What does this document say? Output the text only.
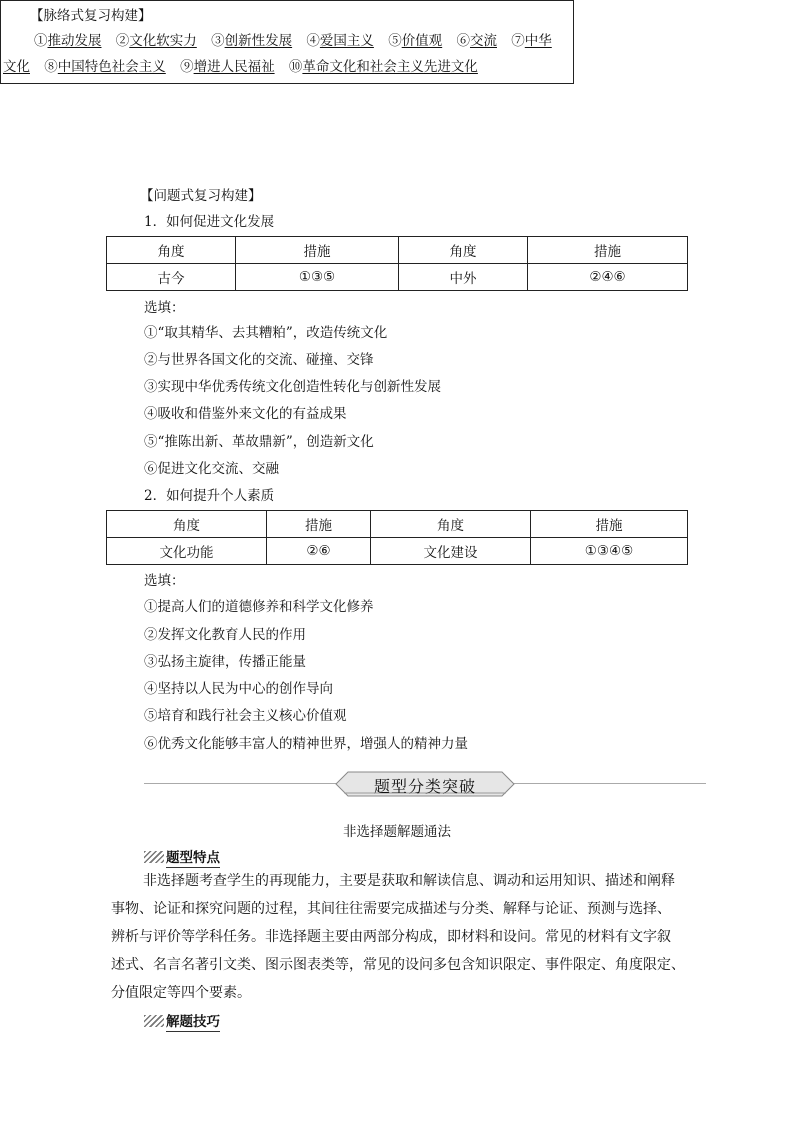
【脉络式复习构建】
①推动发展 ②文化软实力 ③创新性发展 ④爱国主义 ⑤价值观 ⑥交流 ⑦中华
文化 ⑧中国特色社会主义 ⑨增进人民福祉 ⑩革命文化和社会主义先进文化
【问题式复习构建】
1．如何促进文化发展
角度	措施	角度	措施
古今	①③⑤	中外	②④⑥
选填：
①“取其精华、去其糟粕”，改造传统文化
②与世界各国文化的交流、碰撞、交锋
③实现中华优秀传统文化创造性转化与创新性发展
④吸收和借鉴外来文化的有益成果
⑤“推陈出新、革故鼎新”，创造新文化
⑥促进文化交流、交融
2．如何提升个人素质
角度	措施	角度	措施
文化功能	②⑥	文化建设	①③④⑤
选填：
①提高人们的道德修养和科学文化修养
②发挥文化教育人民的作用
③弘扬主旋律，传播正能量
④坚持以人民为中心的创作导向
⑤培育和践行社会主义核心价值观
⑥优秀文化能够丰富人的精神世界，增强人的精神力量
题型分类突破
非选择题解题通法
题型特点
非选择题考查学生的再现能力，主要是获取和解读信息、调动和运用知识、描述和阐释
事物、论证和探究问题的过程，其间往往需要完成描述与分类、解释与论证、预测与选择、
辨析与评价等学科任务。非选择题主要由两部分构成，即材料和设问。常见的材料有文字叙
述式、名言名著引文类、图示图表类等，常见的设问多包含知识限定、事件限定、角度限定、
分值限定等四个要素。
解题技巧
